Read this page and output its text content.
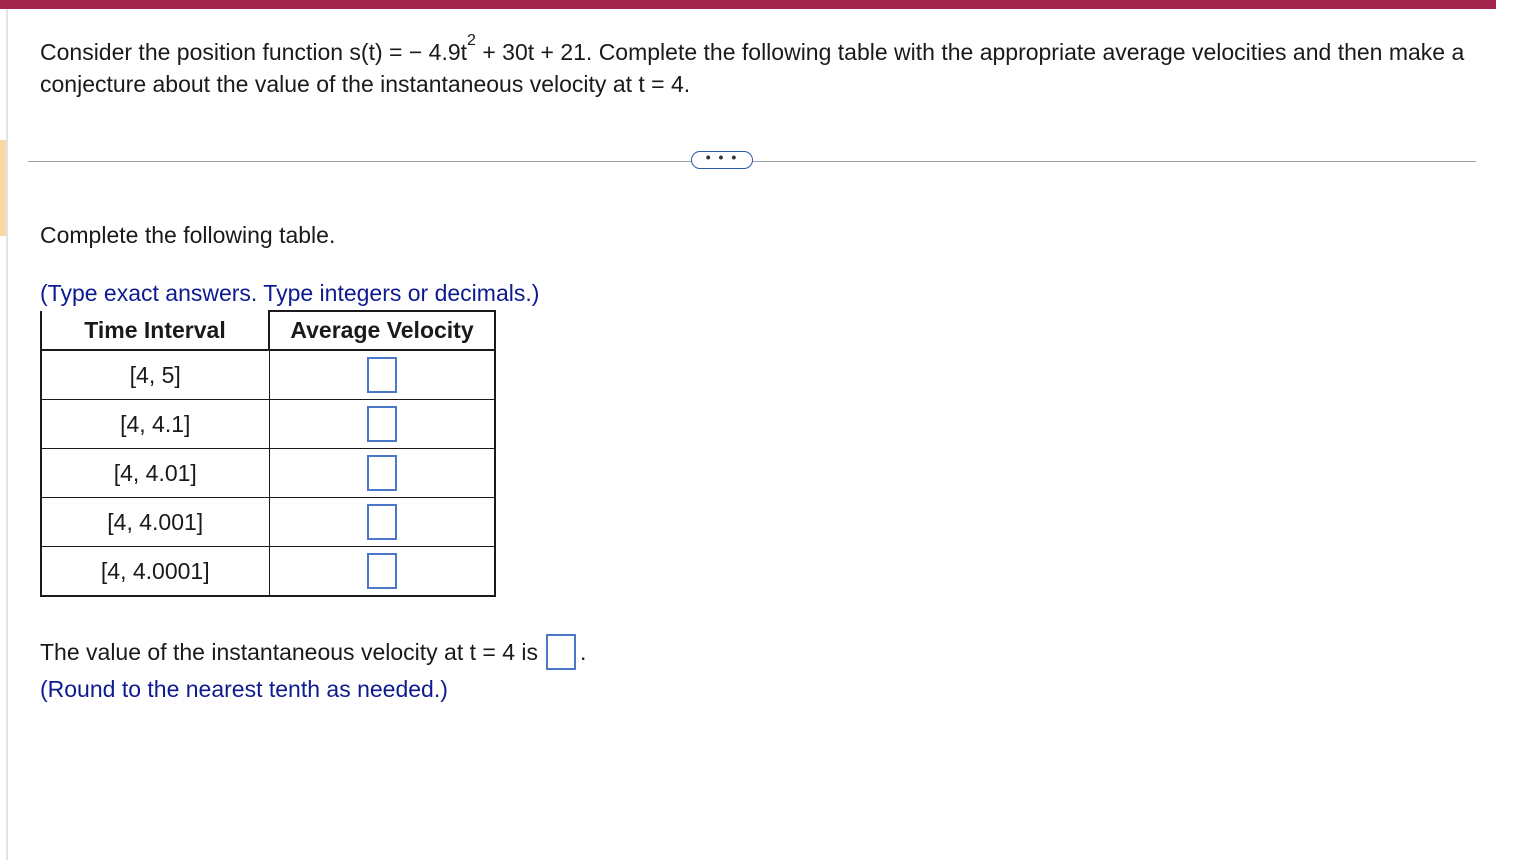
Consider the position function s(t) = − $4.9t^2 + 30t + 21$. Complete the following table with the appropriate average velocities and then make a conjecture about the value of the instantaneous velocity at t = 4.
• • •
Complete the following table.
(Type exact answers. Type integers or decimals.)
Time Interval	Average Velocity
[4, 5]	
[4, 4.1]	
[4, 4.01]	
[4, 4.001]	
[4, 4.0001]	
The value of the instantaneous velocity at t = 4 is .
(Round to the nearest tenth as needed.)
